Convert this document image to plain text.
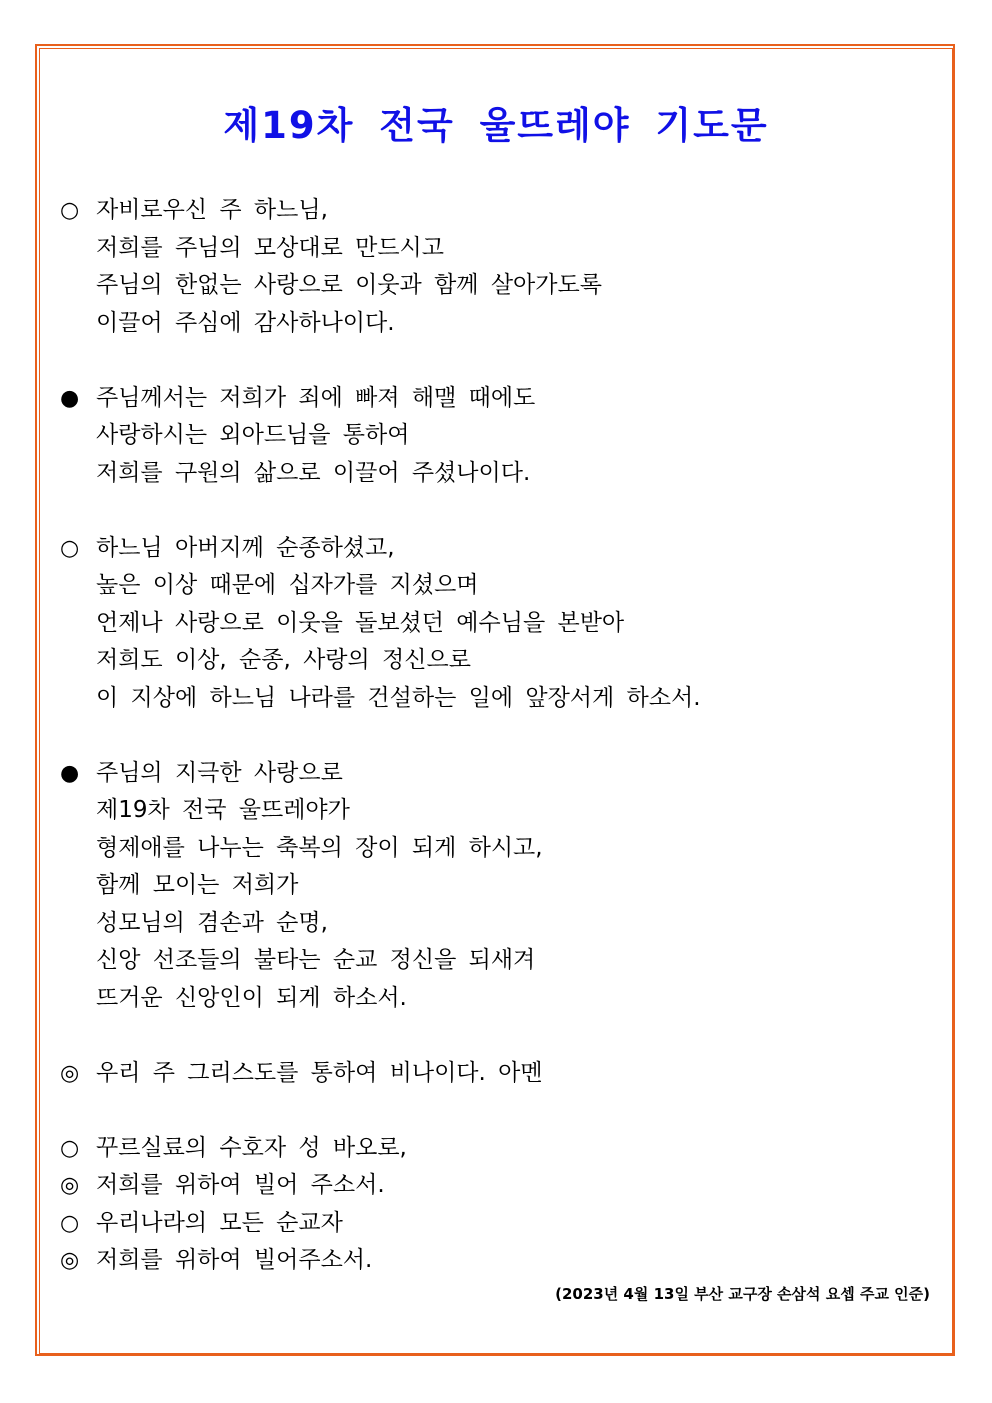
제19차 전국 울뜨레야 기도문
○ 자비로우신 주 하느님,
저희를 주님의 모상대로 만드시고
주님의 한없는 사랑으로 이웃과 함께 살아가도록
이끌어 주심에 감사하나이다.
● 주님께서는 저희가 죄에 빠져 해맬 때에도
사랑하시는 외아드님을 통하여
저희를 구원의 삶으로 이끌어 주셨나이다.
○ 하느님 아버지께 순종하셨고,
높은 이상 때문에 십자가를 지셨으며
언제나 사랑으로 이웃을 돌보셨던 예수님을 본받아
저희도 이상, 순종, 사랑의 정신으로
이 지상에 하느님 나라를 건설하는 일에 앞장서게 하소서.
● 주님의 지극한 사랑으로
제19차 전국 울뜨레야가
형제애를 나누는 축복의 장이 되게 하시고,
함께 모이는 저희가
성모님의 겸손과 순명,
신앙 선조들의 불타는 순교 정신을 되새겨
뜨거운 신앙인이 되게 하소서.
◎ 우리 주 그리스도를 통하여 비나이다. 아멘
○ 꾸르실료의 수호자 성 바오로,
◎ 저희를 위하여 빌어 주소서.
○ 우리나라의 모든 순교자
◎ 저희를 위하여 빌어주소서.
(2023년 4월 13일 부산 교구장 손삼석 요셉 주교 인준)
